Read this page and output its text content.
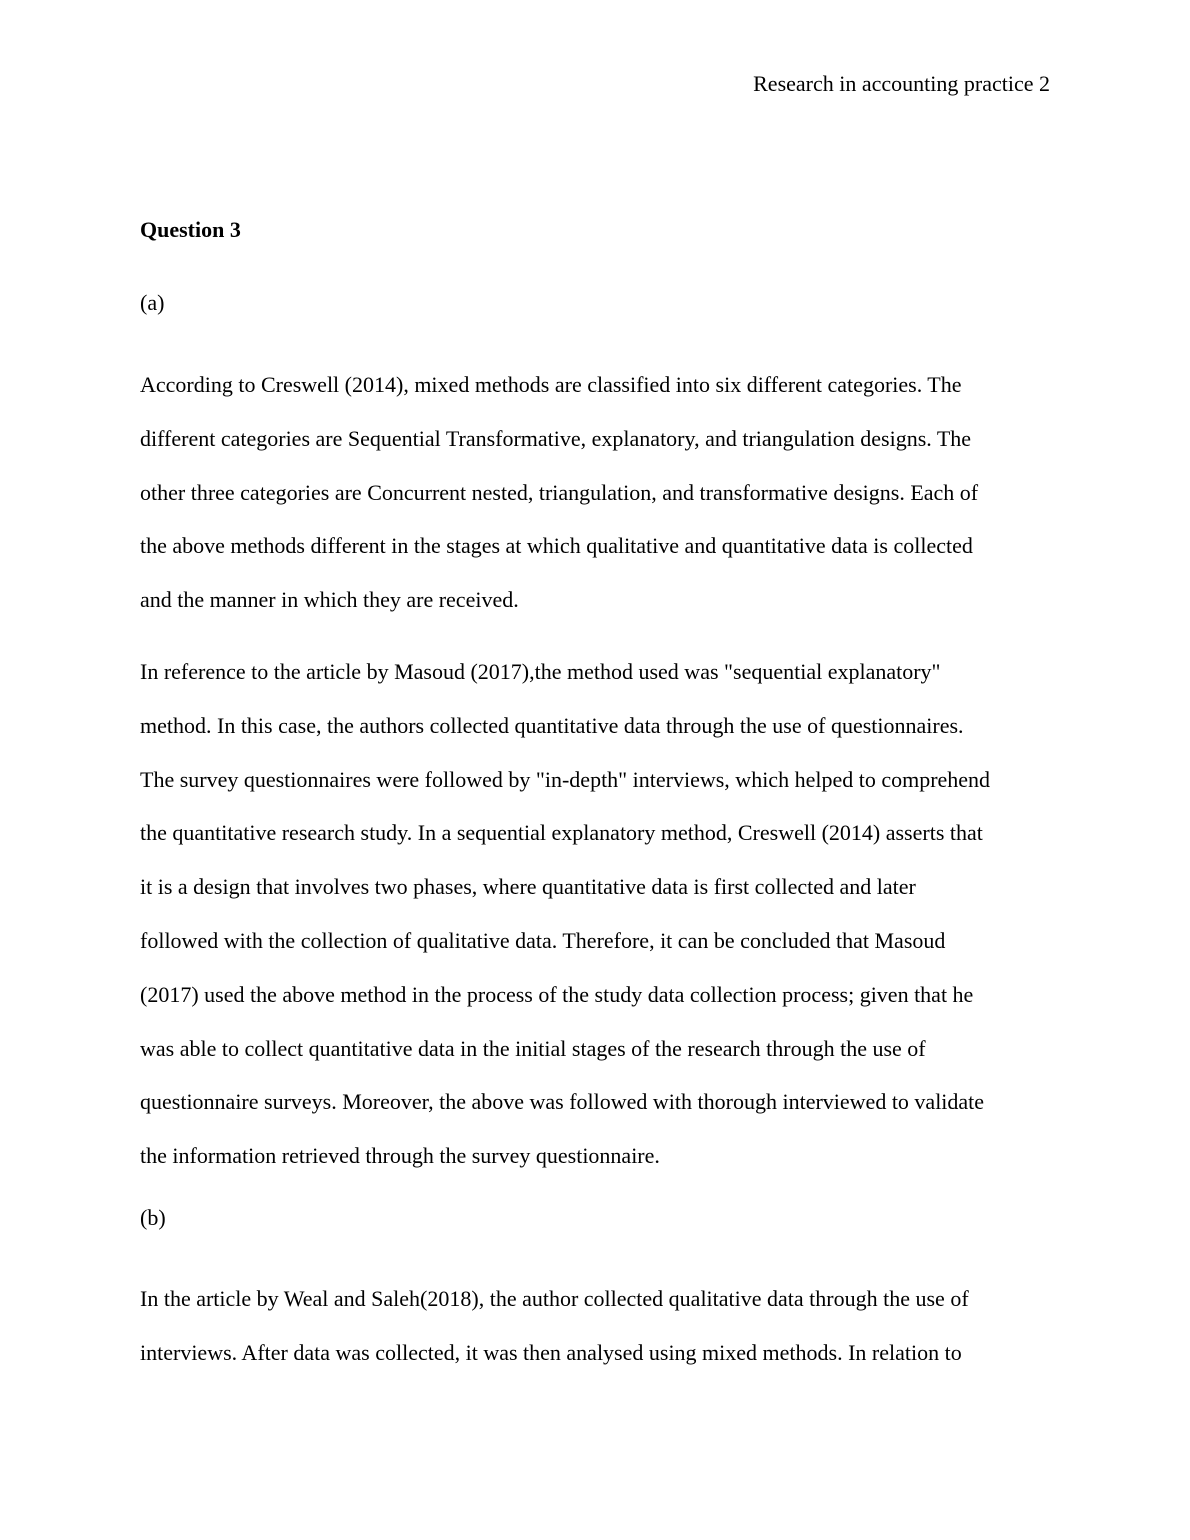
Research in accounting practice 2

Question 3

(a)

According to Creswell (2014), mixed methods are classified into six different categories. The
different categories are Sequential Transformative, explanatory, and triangulation designs. The
other three categories are Concurrent nested, triangulation, and transformative designs. Each of
the above methods different in the stages at which qualitative and quantitative data is collected
and the manner in which they are received.
In reference to the article by Masoud (2017),the method used was "sequential explanatory"
method. In this case, the authors collected quantitative data through the use of questionnaires.
The survey questionnaires were followed by "in-depth" interviews, which helped to comprehend
the quantitative research study. In a sequential explanatory method, Creswell (2014) asserts that
it is a design that involves two phases, where quantitative data is first collected and later
followed with the collection of qualitative data. Therefore, it can be concluded that Masoud
(2017) used the above method in the process of the study data collection process; given that he
was able to collect quantitative data in the initial stages of the research through the use of
questionnaire surveys. Moreover, the above was followed with thorough interviewed to validate
the information retrieved through the survey questionnaire.

(b)

In the article by Weal and Saleh(2018), the author collected qualitative data through the use of
interviews. After data was collected, it was then analysed using mixed methods. In relation to
